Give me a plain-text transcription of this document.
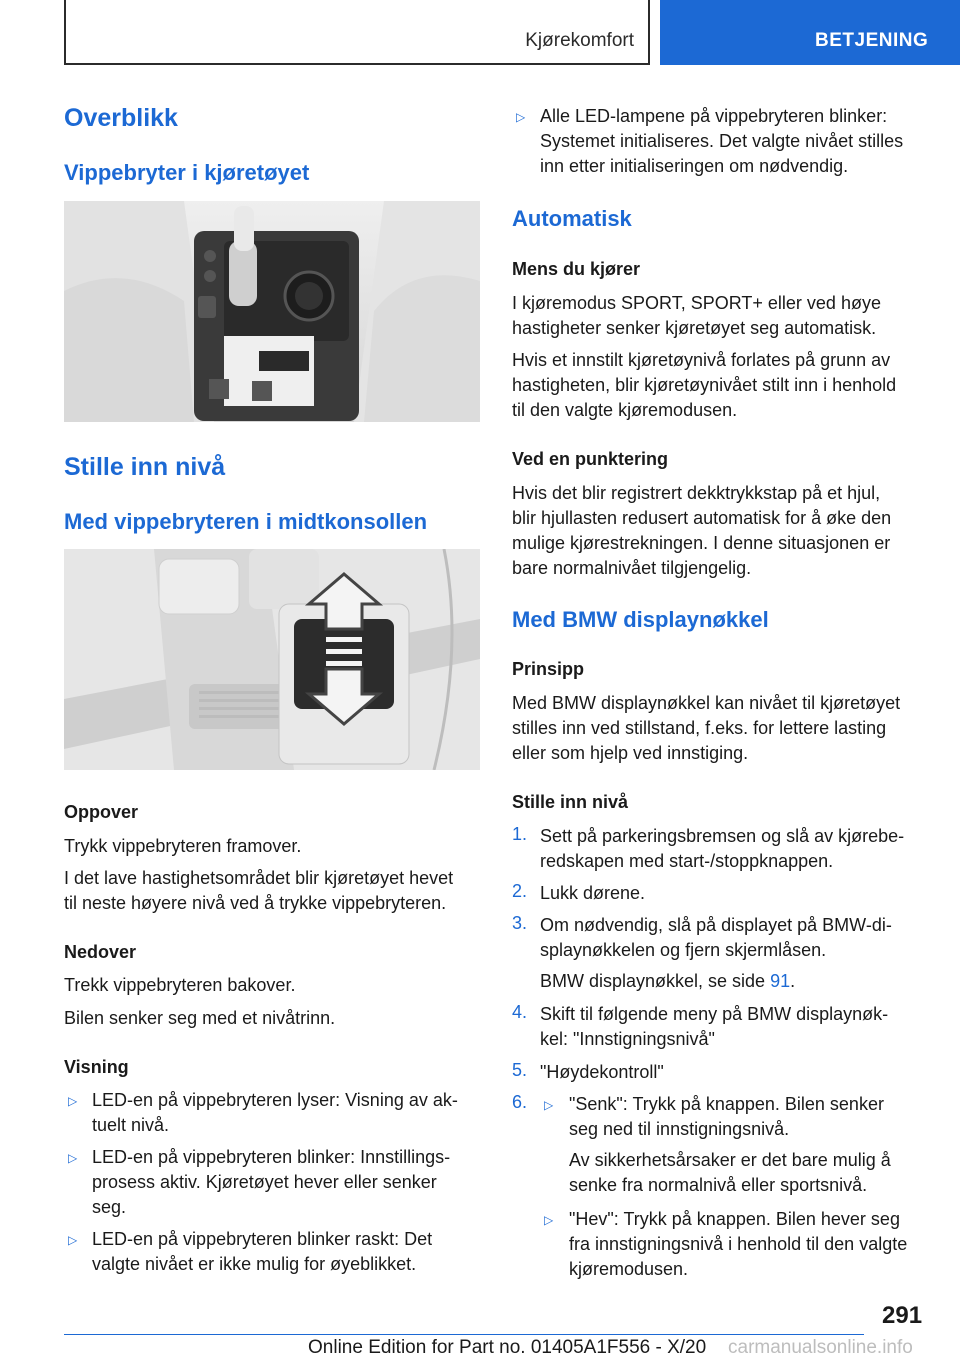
Kjørekomfort	BETJENING
Overblikk
Vippebryter i kjøretøyet
Stille inn nivå
Med vippebryteren i midtkonsollen
Oppover
Trykk vippebryteren framover.
I det lave hastighetsområdet blir kjøretøyet hevet
til neste høyere nivå ved å trykke vippebryteren.
Nedover
Trekk vippebryteren bakover.
Bilen senker seg med et nivåtrinn.
Visning
▷ LED-en på vippebryteren lyser: Visning av ak-
tuelt nivå.
▷ LED-en på vippebryteren blinker: Innstillings-
prosess aktiv. Kjøretøyet hever eller senker
seg.
▷ LED-en på vippebryteren blinker raskt: Det
valgte nivået er ikke mulig for øyeblikket.
▷ Alle LED-lampene på vippebryteren blinker:
Systemet initialiseres. Det valgte nivået stilles
inn etter initialiseringen om nødvendig.
Automatisk
Mens du kjører
I kjøremodus SPORT, SPORT+ eller ved høye
hastigheter senker kjøretøyet seg automatisk.
Hvis et innstilt kjøretøynivå forlates på grunn av
hastigheten, blir kjøretøynivået stilt inn i henhold
til den valgte kjøremodusen.
Ved en punktering
Hvis det blir registrert dekktrykkstap på et hjul,
blir hjullasten redusert automatisk for å øke den
mulige kjørestrekningen. I denne situasjonen er
bare normalnivået tilgjengelig.
Med BMW displaynøkkel
Prinsipp
Med BMW displaynøkkel kan nivået til kjøretøyet
stilles inn ved stillstand, f.eks. for lettere lasting
eller som hjelp ved innstiging.
Stille inn nivå
1. Sett på parkeringsbremsen og slå av kjørebe-
redskapen med start-/stoppknappen.
2. Lukk dørene.
3. Om nødvendig, slå på displayet på BMW-di-
splaynøkkelen og fjern skjermlåsen.
BMW displaynøkkel, se side 91.
4. Skift til følgende meny på BMW displaynøk-
kel: "Innstigningsnivå"
5. "Høydekontroll"
6. ▷ "Senk": Trykk på knappen. Bilen senker
seg ned til innstigningsnivå.
Av sikkerhetsårsaker er det bare mulig å
senke fra normalnivå eller sportsnivå.
▷ "Hev": Trykk på knappen. Bilen hever seg
fra innstigningsnivå i henhold til den valgte
kjøremodusen.
291
Online Edition for Part no. 01405A1F556 - X/20 carmanualsonline.info
